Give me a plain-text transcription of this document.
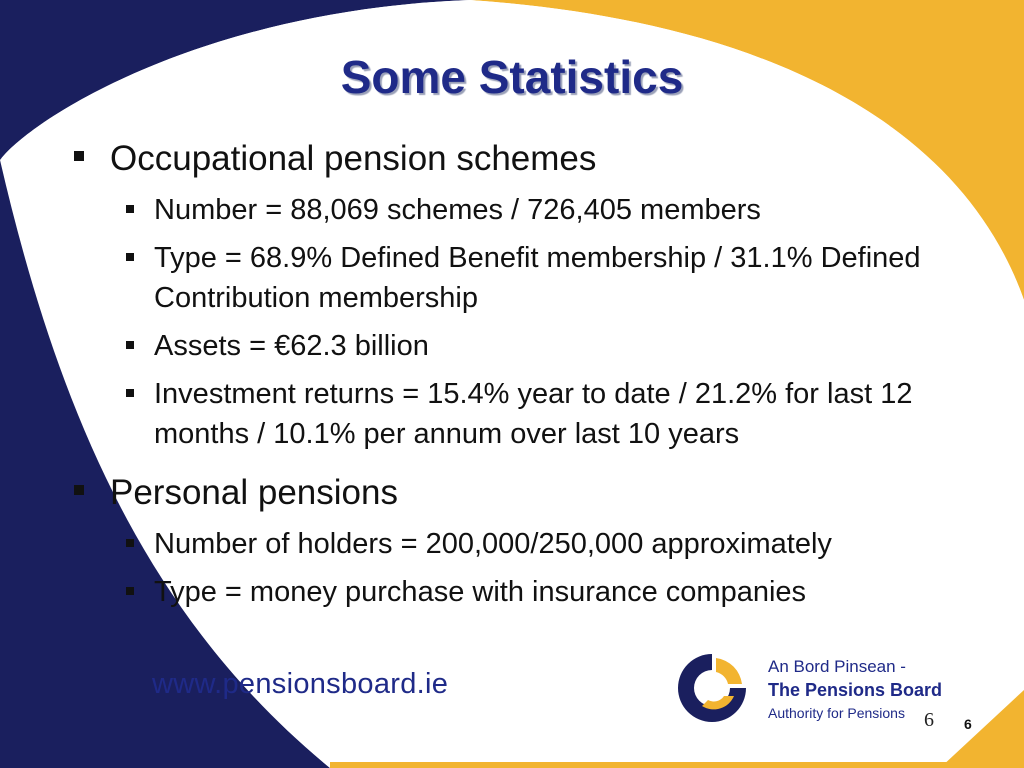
Some Statistics
Occupational pension schemes
Number = 88,069 schemes / 726,405 members
Type = 68.9% Defined Benefit membership / 31.1% Defined Contribution membership
Assets = €62.3 billion
Investment returns = 15.4% year to date / 21.2% for last 12 months / 10.1% per annum over last 10 years
Personal pensions
Number of holders = 200,000/250,000 approximately
Type = money purchase with insurance companies
www.pensionsboard.ie
An Bord Pinsean -
The Pensions Board
Authority for Pensions 6 6
